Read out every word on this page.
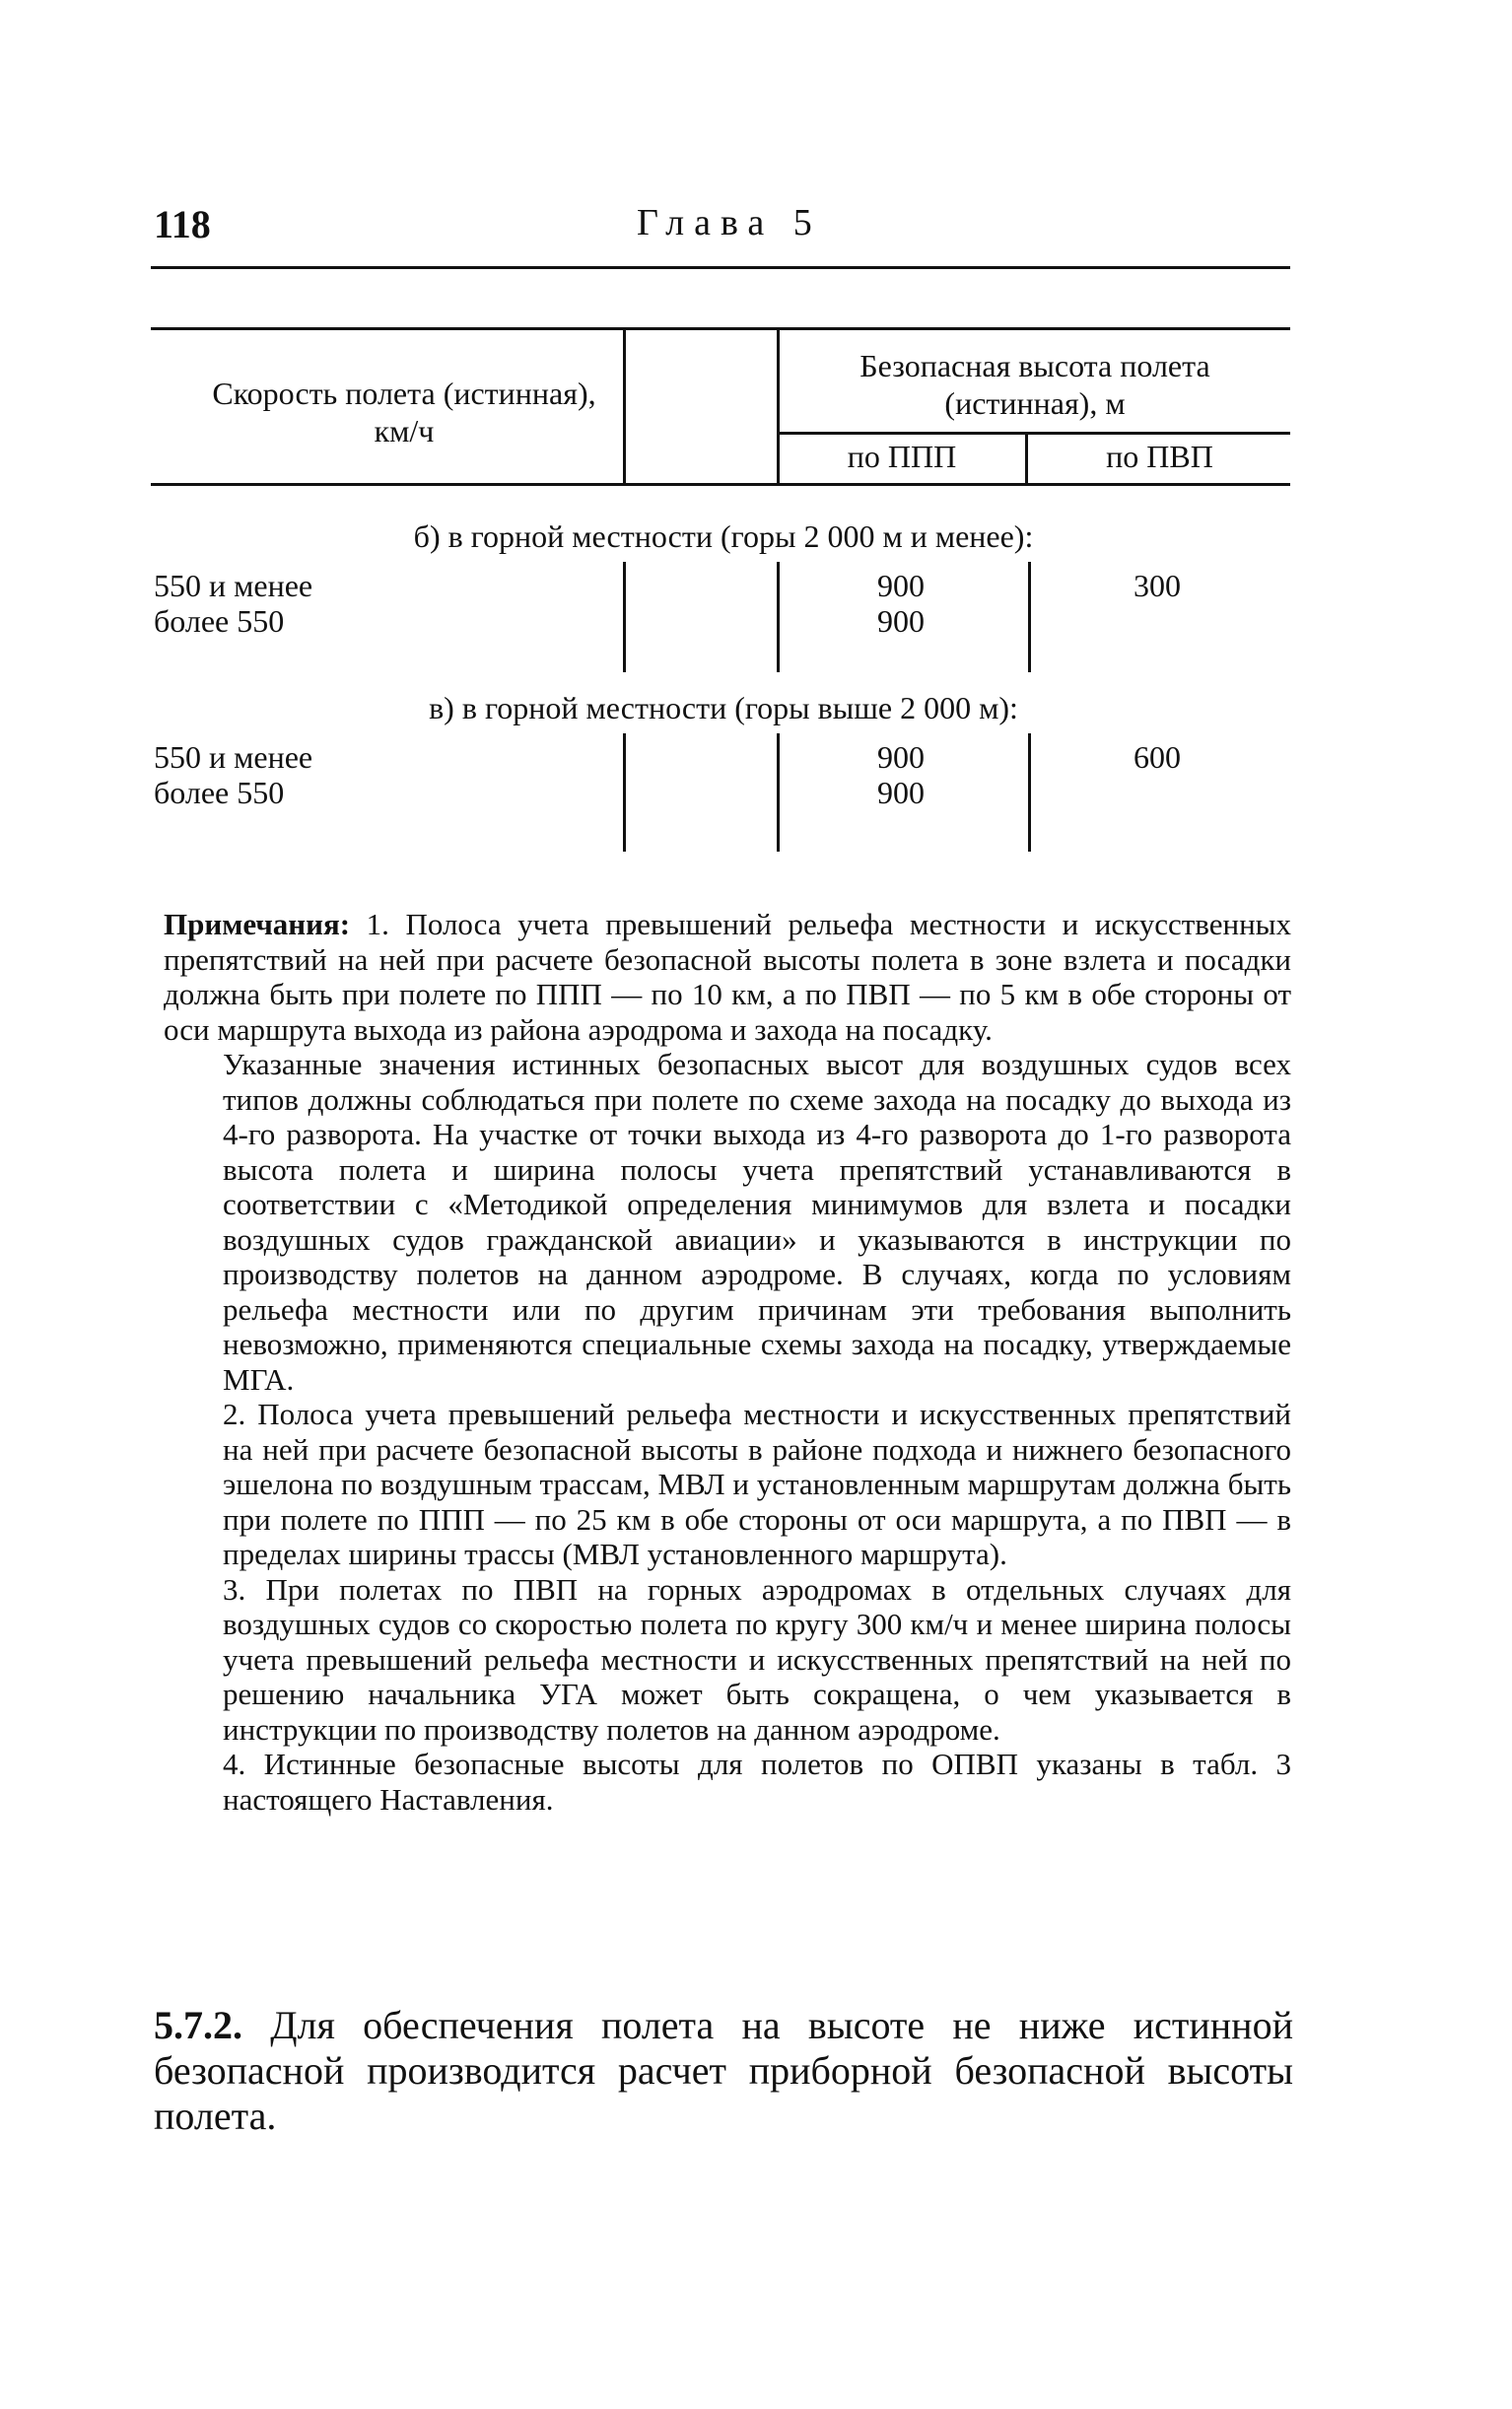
118	Глава 5
Скорость полета (истинная), км/ч
Безопасная высота полета (истинная), м
по ППП	по ПВП
б) в горной местности (горы 2 000 м и менее):
550 и менее
более 550
900
900
300
в) в горной местности (горы выше 2 000 м):
550 и менее
более 550
900
900
600

Примечания: 1. Полоса учета превышений рельефа местности и искусственных препятствий на ней при расчете безопасной высоты полета в зоне взлета и посадки должна быть при полете по ППП — по 10 км, а по ПВП — по 5 км в обе стороны от оси маршрута выхода из района аэродрома и захода на посадку.

Указанные значения истинных безопасных высот для воздушных судов всех типов должны соблюдаться при полете по схеме захода на посадку до выхода из 4-го разворота. На участке от точки выхода из 4-го разворота до 1-го разворота высота полета и ширина полосы учета препятствий устанавливаются в соответствии с «Методикой определения минимумов для взлета и посадки воздушных судов гражданской авиации» и указываются в инструкции по производству полетов на данном аэродроме. В случаях, когда по условиям рельефа местности или по другим причинам эти требования выполнить невозможно, применяются специальные схемы захода на посадку, утверждаемые МГА.

2. Полоса учета превышений рельефа местности и искусственных препятствий на ней при расчете безопасной высоты в районе подхода и нижнего безопасного эшелона по воздушным трассам, МВЛ и установленным маршрутам должна быть при полете по ППП — по 25 км в обе стороны от оси маршрута, а по ПВП — в пределах ширины трассы (МВЛ установленного маршрута).

3. При полетах по ПВП на горных аэродромах в отдельных случаях для воздушных судов со скоростью полета по кругу 300 км/ч и менее ширина полосы учета превышений рельефа местности и искусственных препятствий на ней по решению начальника УГА может быть сокращена, о чем указывается в инструкции по производству полетов на данном аэродроме.

4. Истинные безопасные высоты для полетов по ОПВП указаны в табл. 3 настоящего Наставления.

5.7.2. Для обеспечения полета на высоте не ниже истинной безопасной производится расчет приборной безопасной высоты полета.
